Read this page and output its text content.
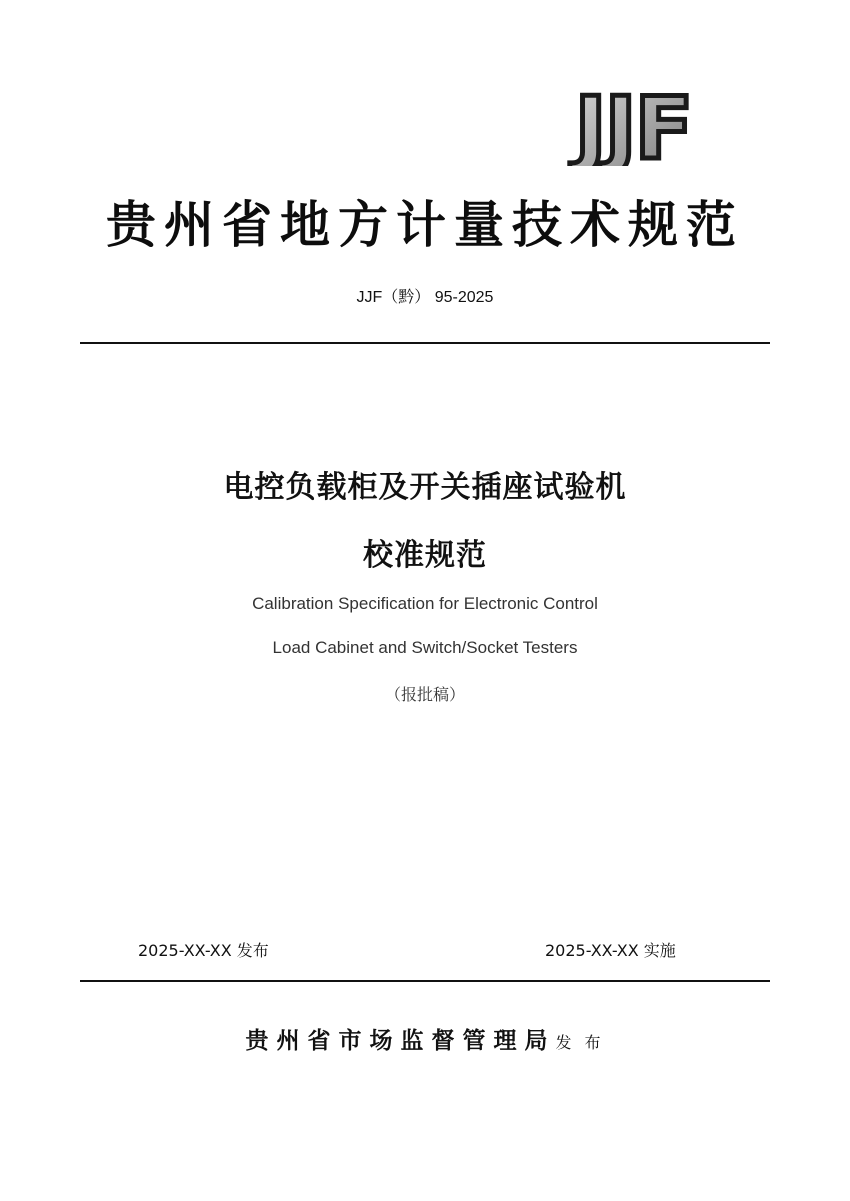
JJF
贵州省地方计量技术规范
JJF（黔） 95-2025
电控负载柜及开关插座试验机
校准规范
Calibration Specification for Electronic Control
Load Cabinet and Switch/Socket Testers
（报批稿）
2025-XX-XX 发布	2025-XX-XX 实施
贵州省市场监督管理局发 布
